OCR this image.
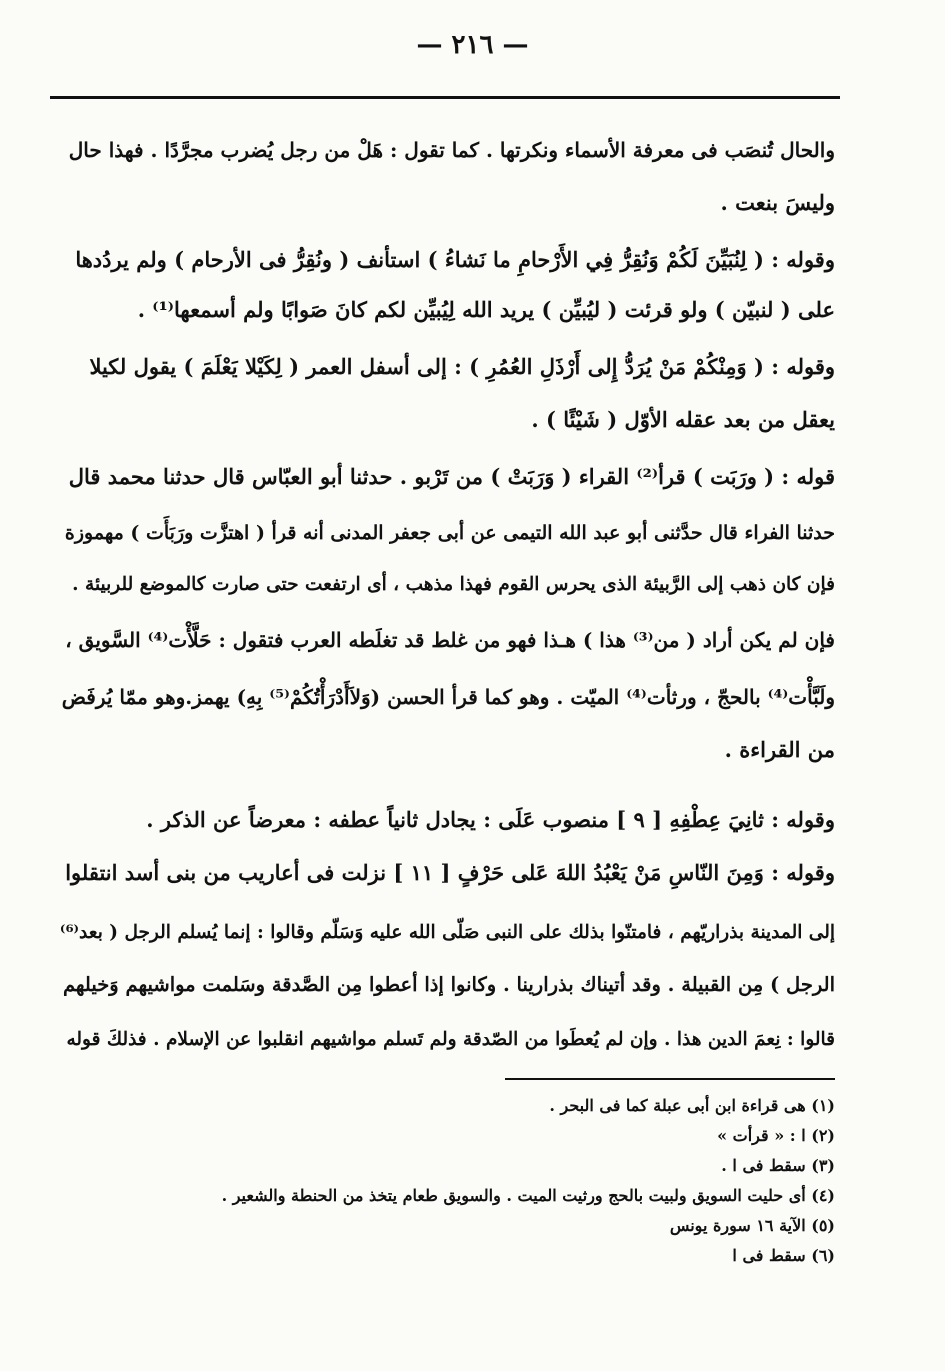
— ٢١٦ —
والحال تُنصَب فى معرفة الأسماء ونكرتها . كما تقول : هَلْ من رجل يُضرب مجرَّدًا . فهذا حال
وليسَ بنعت .
وقوله : ( لِنُبَيِّنَ لَكُمْ وَنُقِرُّ فِي الأَرْحامِ ما نَشاءُ ) استأنف ( ونُقِرُّ فى الأرحام ) ولم يردُدها
على ( لنبيّن ) ولو قرئت ( ليُبيِّن ) يريد الله لِيُبيِّن لكم كانَ صَوابًا ولم أسمعها⁽¹⁾ .
وقوله : ( وَمِنْكُمْ مَنْ يُرَدُّ إِلى أَرْذَلِ العُمُرِ ) : إلى أسفل العمر ( لِكَيْلا يَعْلَمَ ) يقول لكيلا
يعقل من بعد عقله الأوّل ( شَيْئًا ) .
قوله : ( ورَبَت ) قرأ⁽²⁾ القراء ( وَرَبَتْ ) من تَرْبو . حدثنا أبو العبّاس قال حدثنا محمد قال
حدثنا الفراء قال حدَّثنى أبو عبد الله التيمى عن أبى جعفر المدنى أنه قرأ ( اهتزَّت ورَبَأَت ) مهموزة
فإن كان ذهب إلى الرَّبيئة الذى يحرس القوم فهذا مذهب ، أى ارتفعت حتى صارت كالموضع للربيئة .
فإن لم يكن أراد ( من⁽³⁾ هذا ) هـذا فهو من غلط قد تغلَطه العرب فتقول : حَلَّأْت⁽⁴⁾ السَّويق ،
ولَبَّأْت⁽⁴⁾ بالحجّ ، ورثأت⁽⁴⁾ الميّت . وهو كما قرأ الحسن (وَلاَأَدْرَأْتُكُمْ⁽⁵⁾ بِهِ) يهمز.وهو ممّا يُرفَض
من القراءة .
وقوله : ثانِيَ عِطْفِهِ [ ٩ ] منصوب عَلَى : يجادل ثانياً عطفه : معرضاً عن الذكر .
وقوله : وَمِنَ النّاسِ مَنْ يَعْبُدُ اللهَ عَلى حَرْفٍ [ ١١ ] نزلت فى أعاريب من بنى أسد انتقلوا
إلى المدينة بذراريّهم ، فامتنّوا بذلك على النبى صَلّى الله عليه وَسَلّم وقالوا : إنما يُسلم الرجل ( بعد⁽⁶⁾
الرجل ) مِن القبيلة . وقد أتيناك بذرارينا . وكانوا إذا أعطوا مِن الصَّدقة وسَلمت مواشيهم وَخيلهم
قالوا : نِعمَ الدين هذا . وإن لم يُعطَوا من الصّدقة ولم تَسلم مواشيهم انقلبوا عن الإسلام . فذلكَ قوله
(١) هى قراءة ابن أبى عبلة كما فى البحر .
(٢) ا : « قرأت »
(٣) سقط فى ا .
(٤) أى حليت السويق ولبيت بالحج ورثيت الميت . والسويق طعام يتخذ من الحنطة والشعير .
(٥) الآية ١٦ سورة يونس
(٦) سقط فى ا
